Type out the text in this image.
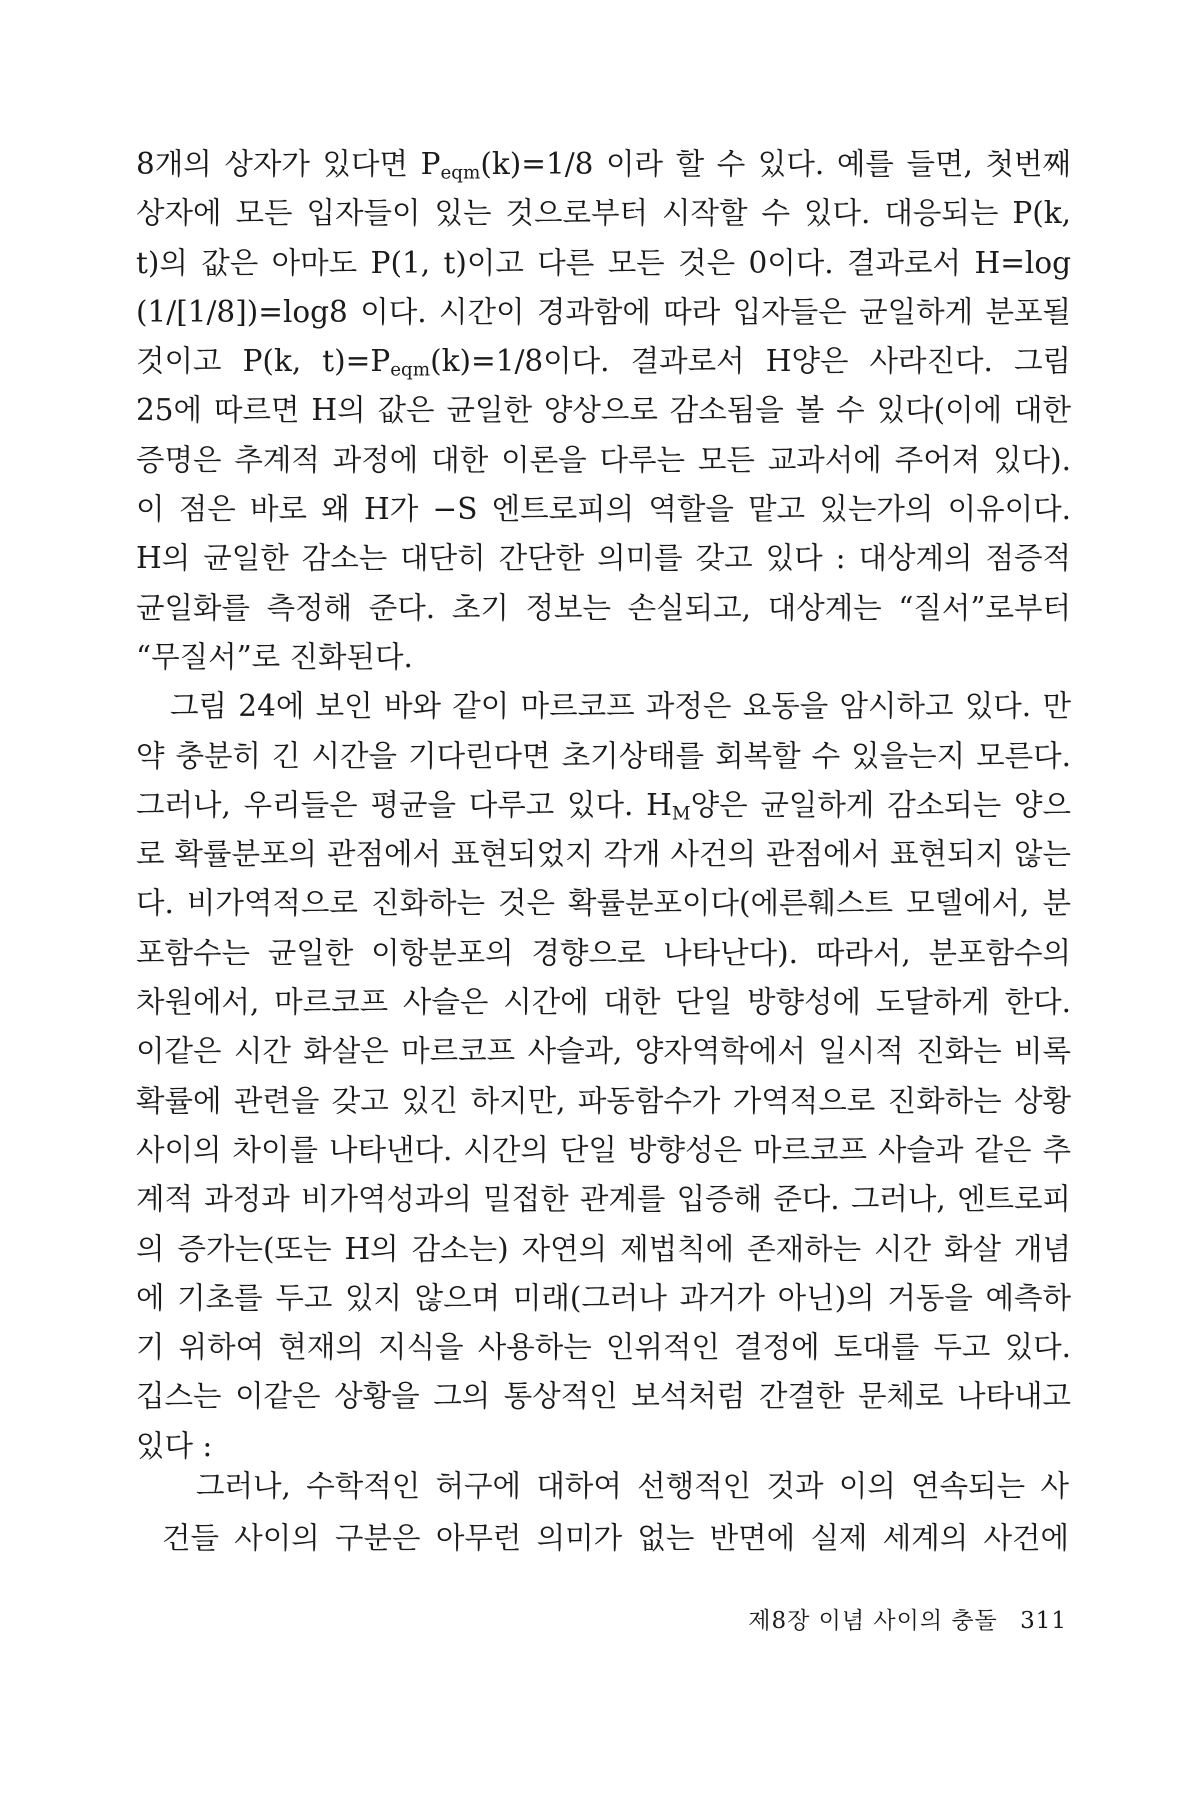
8개의 상자가 있다면 $P_{eqm}(k)=1/8$ 이라 할 수 있다. 예를 들면, 첫번째
상자에 모든 입자들이 있는 것으로부터 시작할 수 있다. 대응되는 P(k,
t)의 값은 아마도 P(1, t)이고 다른 모든 것은 0이다. 결과로서 H=log
(1/[1/8])=log8 이다. 시간이 경과함에 따라 입자들은 균일하게 분포될
것이고 P(k, $t)=P_{eqm}(k)=1/8$이다. 결과로서 H양은 사라진다. 그림
25에 따르면 H의 값은 균일한 양상으로 감소됨을 볼 수 있다(이에 대한
증명은 추계적 과정에 대한 이론을 다루는 모든 교과서에 주어져 있다).
이 점은 바로 왜 H가 −S 엔트로피의 역할을 맡고 있는가의 이유이다.
H의 균일한 감소는 대단히 간단한 의미를 갖고 있다 : 대상계의 점증적
균일화를 측정해 준다. 초기 정보는 손실되고, 대상계는 “질서”로부터
“무질서”로 진화된다.
그림 24에 보인 바와 같이 마르코프 과정은 요동을 암시하고 있다. 만
약 충분히 긴 시간을 기다린다면 초기상태를 회복할 수 있을는지 모른다.
그러나, 우리들은 평균을 다루고 있다. $H_M$양은 균일하게 감소되는 양으
로 확률분포의 관점에서 표현되었지 각개 사건의 관점에서 표현되지 않는
다. 비가역적으로 진화하는 것은 확률분포이다(에른훼스트 모델에서, 분
포함수는 균일한 이항분포의 경향으로 나타난다). 따라서, 분포함수의
차원에서, 마르코프 사슬은 시간에 대한 단일 방향성에 도달하게 한다.
이같은 시간 화살은 마르코프 사슬과, 양자역학에서 일시적 진화는 비록
확률에 관련을 갖고 있긴 하지만, 파동함수가 가역적으로 진화하는 상황
사이의 차이를 나타낸다. 시간의 단일 방향성은 마르코프 사슬과 같은 추
계적 과정과 비가역성과의 밀접한 관계를 입증해 준다. 그러나, 엔트로피
의 증가는(또는 H의 감소는) 자연의 제법칙에 존재하는 시간 화살 개념
에 기초를 두고 있지 않으며 미래(그러나 과거가 아닌)의 거동을 예측하
기 위하여 현재의 지식을 사용하는 인위적인 결정에 토대를 두고 있다.
깁스는 이같은 상황을 그의 통상적인 보석처럼 간결한 문체로 나타내고
있다 :
그러나, 수학적인 허구에 대하여 선행적인 것과 이의 연속되는 사
건들 사이의 구분은 아무런 의미가 없는 반면에 실제 세계의 사건에
제8장 이념 사이의 충돌 311
